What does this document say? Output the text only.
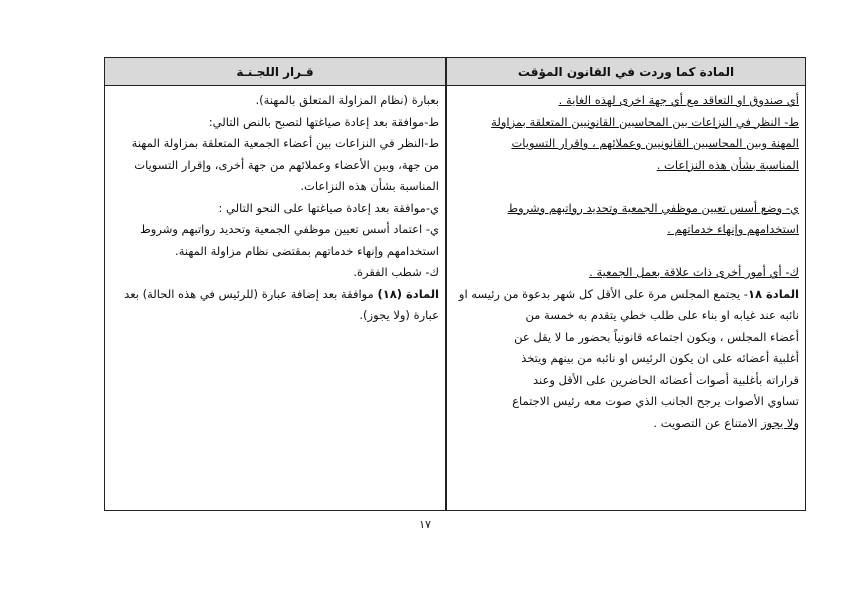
قـرار اللجـنـة	المادة كما وردت في القانون المؤقت
بعبارة (نظام المزاولة المتعلق بالمهنة).
ط-موافقة بعد إعادة صياغتها لتصبح بالنص التالي:
ط-النظر في النزاعات بين أعضاء الجمعية المتعلقة بمزاولة المهنة
من جهة، وبين الأعضاء وعملائهم من جهة أخرى، وإقرار التسويات
المناسبة بشأن هذه النزاعات.
ي-موافقة بعد إعادة صياغتها على النحو التالي :
ي- اعتماد أسس تعيين موظفي الجمعية وتحديد رواتبهم وشروط
استخدامهم وإنهاء خدماتهم بمقتضى نظام مزاولة المهنة.
ك- شطب الفقرة.
المادة (١٨) موافقة بعد إضافة عبارة (للرئيس في هذه الحالة) بعد
عبارة (ولا يجوز).
أي صندوق او التعاقد مع أي جهة اخرى لهذه الغاية .
ط- النظر في النزاعات بين المحاسبين القانونيين المتعلقة بمزاولة
المهنة وبين المحاسبين القانونيين وعملائهم ، واقرار التسويات
المناسبة بشأن هذه النزاعات .
ي- وضع أسس تعيين موظفي الجمعية وتحديد رواتبهم وشروط
استخدامهم وإنهاء خدماتهم .
ك- أي أمور أخرى ذات علاقة بعمل الجمعية .
المادة ١٨- يجتمع المجلس مرة على الأقل كل شهر بدعوة من رئيسه او
نائبه عند غيابه او بناء على طلب خطي يتقدم به خمسة من
أعضاء المجلس ، ويكون اجتماعه قانونياً بحضور ما لا يقل عن
أغلبية أعضائه على ان يكون الرئيس او نائبه من بينهم ويتخذ
قراراته بأغلبية أصوات أعضائه الحاضرين على الأقل وعند
تساوي الأصوات يرجح الجانب الذي صوت معه رئيس الاجتماع
ولا يجوز الامتناع عن التصويت .
١٧
